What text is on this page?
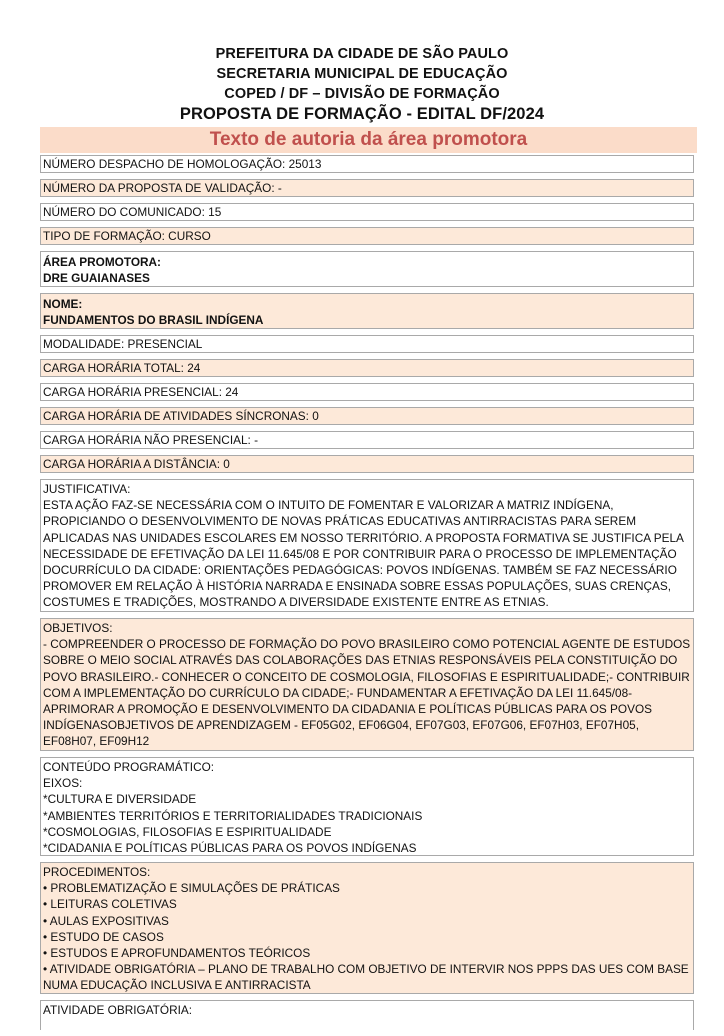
PREFEITURA DA CIDADE DE SÃO PAULO
SECRETARIA MUNICIPAL DE EDUCAÇÃO
COPED / DF – DIVISÃO DE FORMAÇÃO
PROPOSTA DE FORMAÇÃO - EDITAL DF/2024
Texto de autoria da área promotora
NÚMERO DESPACHO DE HOMOLOGAÇÃO: 25013
NÚMERO DA PROPOSTA DE VALIDAÇÃO: -
NÚMERO DO COMUNICADO: 15
TIPO DE FORMAÇÃO: CURSO
ÁREA PROMOTORA:
DRE GUAIANASES
NOME:
FUNDAMENTOS DO BRASIL INDÍGENA
MODALIDADE: PRESENCIAL
CARGA HORÁRIA TOTAL: 24
CARGA HORÁRIA PRESENCIAL: 24
CARGA HORÁRIA DE ATIVIDADES SÍNCRONAS: 0
CARGA HORÁRIA NÃO PRESENCIAL: -
CARGA HORÁRIA A DISTÂNCIA: 0
JUSTIFICATIVA:
ESTA AÇÃO FAZ-SE NECESSÁRIA COM O INTUITO DE FOMENTAR E VALORIZAR A MATRIZ INDÍGENA, PROPICIANDO O DESENVOLVIMENTO DE NOVAS PRÁTICAS EDUCATIVAS ANTIRRACISTAS PARA SEREM APLICADAS NAS UNIDADES ESCOLARES EM NOSSO TERRITÓRIO. A PROPOSTA FORMATIVA SE JUSTIFICA PELA NECESSIDADE DE EFETIVAÇÃO DA LEI 11.645/08 E POR CONTRIBUIR PARA O PROCESSO DE IMPLEMENTAÇÃO DOCURRÍCULO DA CIDADE: ORIENTAÇÕES PEDAGÓGICAS: POVOS INDÍGENAS. TAMBÉM SE FAZ NECESSÁRIO PROMOVER EM RELAÇÃO À HISTÓRIA NARRADA E ENSINADA SOBRE ESSAS POPULAÇÕES, SUAS CRENÇAS, COSTUMES E TRADIÇÕES, MOSTRANDO A DIVERSIDADE EXISTENTE ENTRE AS ETNIAS.
OBJETIVOS:
- COMPREENDER O PROCESSO DE FORMAÇÃO DO POVO BRASILEIRO COMO POTENCIAL AGENTE DE ESTUDOS SOBRE O MEIO SOCIAL ATRAVÉS DAS COLABORAÇÕES DAS ETNIAS RESPONSÁVEIS PELA CONSTITUIÇÃO DO POVO BRASILEIRO.- CONHECER O CONCEITO DE COSMOLOGIA, FILOSOFIAS E ESPIRITUALIDADE;- CONTRIBUIR COM A IMPLEMENTAÇÃO DO CURRÍCULO DA CIDADE;- FUNDAMENTAR A EFETIVAÇÃO DA LEI 11.645/08- APRIMORAR A PROMOÇÃO E DESENVOLVIMENTO DA CIDADANIA E POLÍTICAS PÚBLICAS PARA OS POVOS INDÍGENASOBJETIVOS DE APRENDIZAGEM - EF05G02, EF06G04, EF07G03, EF07G06, EF07H03, EF07H05, EF08H07, EF09H12
CONTEÚDO PROGRAMÁTICO:
EIXOS:
*CULTURA E DIVERSIDADE
*AMBIENTES TERRITÓRIOS E TERRITORIALIDADES TRADICIONAIS
*COSMOLOGIAS, FILOSOFIAS E ESPIRITUALIDADE
*CIDADANIA E POLÍTICAS PÚBLICAS PARA OS POVOS INDÍGENAS
PROCEDIMENTOS:
• PROBLEMATIZAÇÃO E SIMULAÇÕES DE PRÁTICAS
• LEITURAS COLETIVAS
• AULAS EXPOSITIVAS
• ESTUDO DE CASOS
• ESTUDOS E APROFUNDAMENTOS TEÓRICOS
• ATIVIDADE OBRIGATÓRIA – PLANO DE TRABALHO COM OBJETIVO DE INTERVIR NOS PPPS DAS UES COM BASE NUMA EDUCAÇÃO INCLUSIVA E ANTIRRACISTA
ATIVIDADE OBRIGATÓRIA:
